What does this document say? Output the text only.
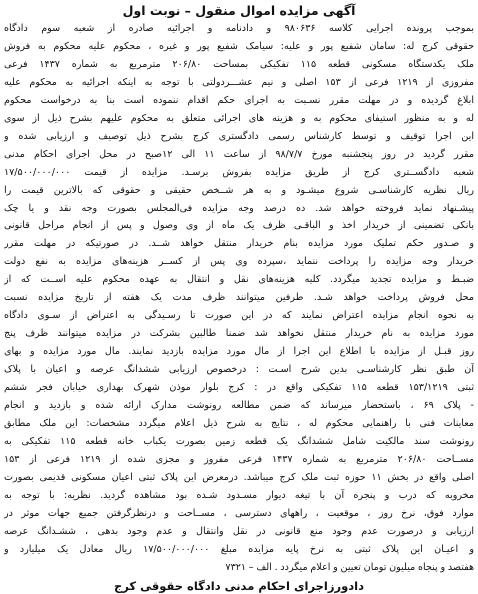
آگهی مزایده اموال منقول – نوبت اول
بموجب پرونده اجرایی کلاسه ۹۸۰۶۳۶ و دادنامه و اجرائیه صادره از شعبه سوم دادگاه
حقوقی کرج له: سامان شفیع پور و علیه: سیامک شفیع پور و غیره ، محکوم علیه محکوم به فروش
ملک یکدستگاه مسکونی قطعه ۱۱۵ تفکیکی بمساحت ۲۰۶/۸۰ مترمربع به شماره ۱۴۳۷ فرعی
مفروزی از ۱۲۱۹ فرعی از ۱۵۳ اصلی و نیم عشـــردولتی با توجه به اینکه اجرائیه به محکوم علیه
ابلاغ گردیده و در مهلت مقرر نسـبت به اجرای حکم اقدام ننموده است بنا به درخواست محکوم
له و به منظور استیفای محکوم به و هزینه های اجرائی متعلق به محکوم علیهم بشرح ذیل از سوی
این اجرا توقیف و توسط کارشناس رسمی دادگستری کرج بشرح ذیل توصیف و ارزیابی شده و
مقرر گردید در روز پنجشنبه مورخ ۹۸/۷/۷ از ساعت ۱۱ الی ۱۲صبح در محل اجرای احکام مدنی
شعبه دادگســتری کرج از طریق مزایده بفروش برسـد. مزایده از قیمت ۱۷/۵۰۰/۰۰۰/۰۰۰
ریال نظریه کارشناسـی شروع میشـود و به هر شــخص حقیقی و حقوقی که بالاترین قیمت را
پیشـنهاد نماید فروخته خواهد شد. ده درصد وجه مزایده فی‌المجلس بصورت وجه نقد و یا چک
بانکی تضمینی از خریدار اخذ و الباقـی ظرف یک ماه از وی وصول و پس از انجام مراحل قانونی
و صـدور حکم تملیک مورد مزایده بنام خریدار منتقل خواهد شــد. در صورتیکه در مهلت مقرر
خریدار وجه مزایده را پرداخت ننماید ،سپرده وی پس از کســر هزینه‌های مزایده به نفع دولت
ضبـط و مزایده تجدید میگردد. کلیه هزینه‌های نقل و انتقال به عهده محکوم علیه اســت که از
محل فروش پرداخت خواهد شـد. طرفین میتوانند ظرف مدت یک هفته از تاریخ مزایده نسبت
به نحوه انجام مزایده اعتراض نمایند که در این صورت تا رسـیدگی به اعتراض از سـوی دادگاه
مورد مزایده به نام خریدار منتقل نخواهد شد ضمنا طالبین بشرکت در مزایده میتوانند ظرف پنج
روز قبـل از مزایده با اطلاع این اجرا از مال مورد مزایده بازدید نمایند. مال مورد مزایده و بهای
آن طبق نظر کارشناسـی بدین شرح اسـت : درخصوص ارزیابی ششدانگ عرصه و اعیان با پلاک
ثبتی ۱۵۳/۱۲۱۹ قطعه ۱۱۵ تفکیکی واقع در : کرج بلوار موذن شهرک بهداری خیابان فجر ششم
- پلاک ۶۹ ، باستحضار میرساند که ضمن مطالعه رونوشت مدارک ارائه شده و بازدید و انجام
معاینات فنی با راهنمایی محکوم له ، نتایج به شرح ذیل اعلام میگردد مشخصات: این ملک مطابق
رونوشت سند مالکیت شامل ششدانگ یک قطعه زمین بصورت یکباب خانه قطعه ۱۱۵ تفکیکی به
مســاحت ۲۰۶/۸۰ مترمربع به شماره ۱۴۳۷ فرعی مفروز و مجزی شده از ۱۲۱۹ فرعی از ۱۵۳
اصلی واقع در بخش ۱۱ حوزه ثبت ملک کرج میباشد. درمعرض این پلاک ثبتی اعیان مسکونی قدیمی بصورت
مخروبه که درب و پنجره آن با تیغه دیوار مسـدود شـده بود مشاهده گردید. نظریه: با توجه به
موارد فوق، نرخ روز ، موقعیت ، راههای دسترسی ، مســاحت و درنظرگرفتن جمیع جهات موثر در
ارزیابی و درصورت عدم وجود منع قانونی در نقل وانتقال و عدم وجود بدهی ، ششـدانگ عرصه
و اعیـان این پلاک ثبتی به نرخ پایه مزایده مبلغ ۱۷/۵۰۰/۰۰۰/۰۰۰ ریال معادل یک میلیارد و
هفتصد و پنجاه میلیون تومان تعیین و اعلام میگردد . الف – ۷۳۲۱
دادورزاجرای احکام مدنی دادگاه حقوقی کرج
